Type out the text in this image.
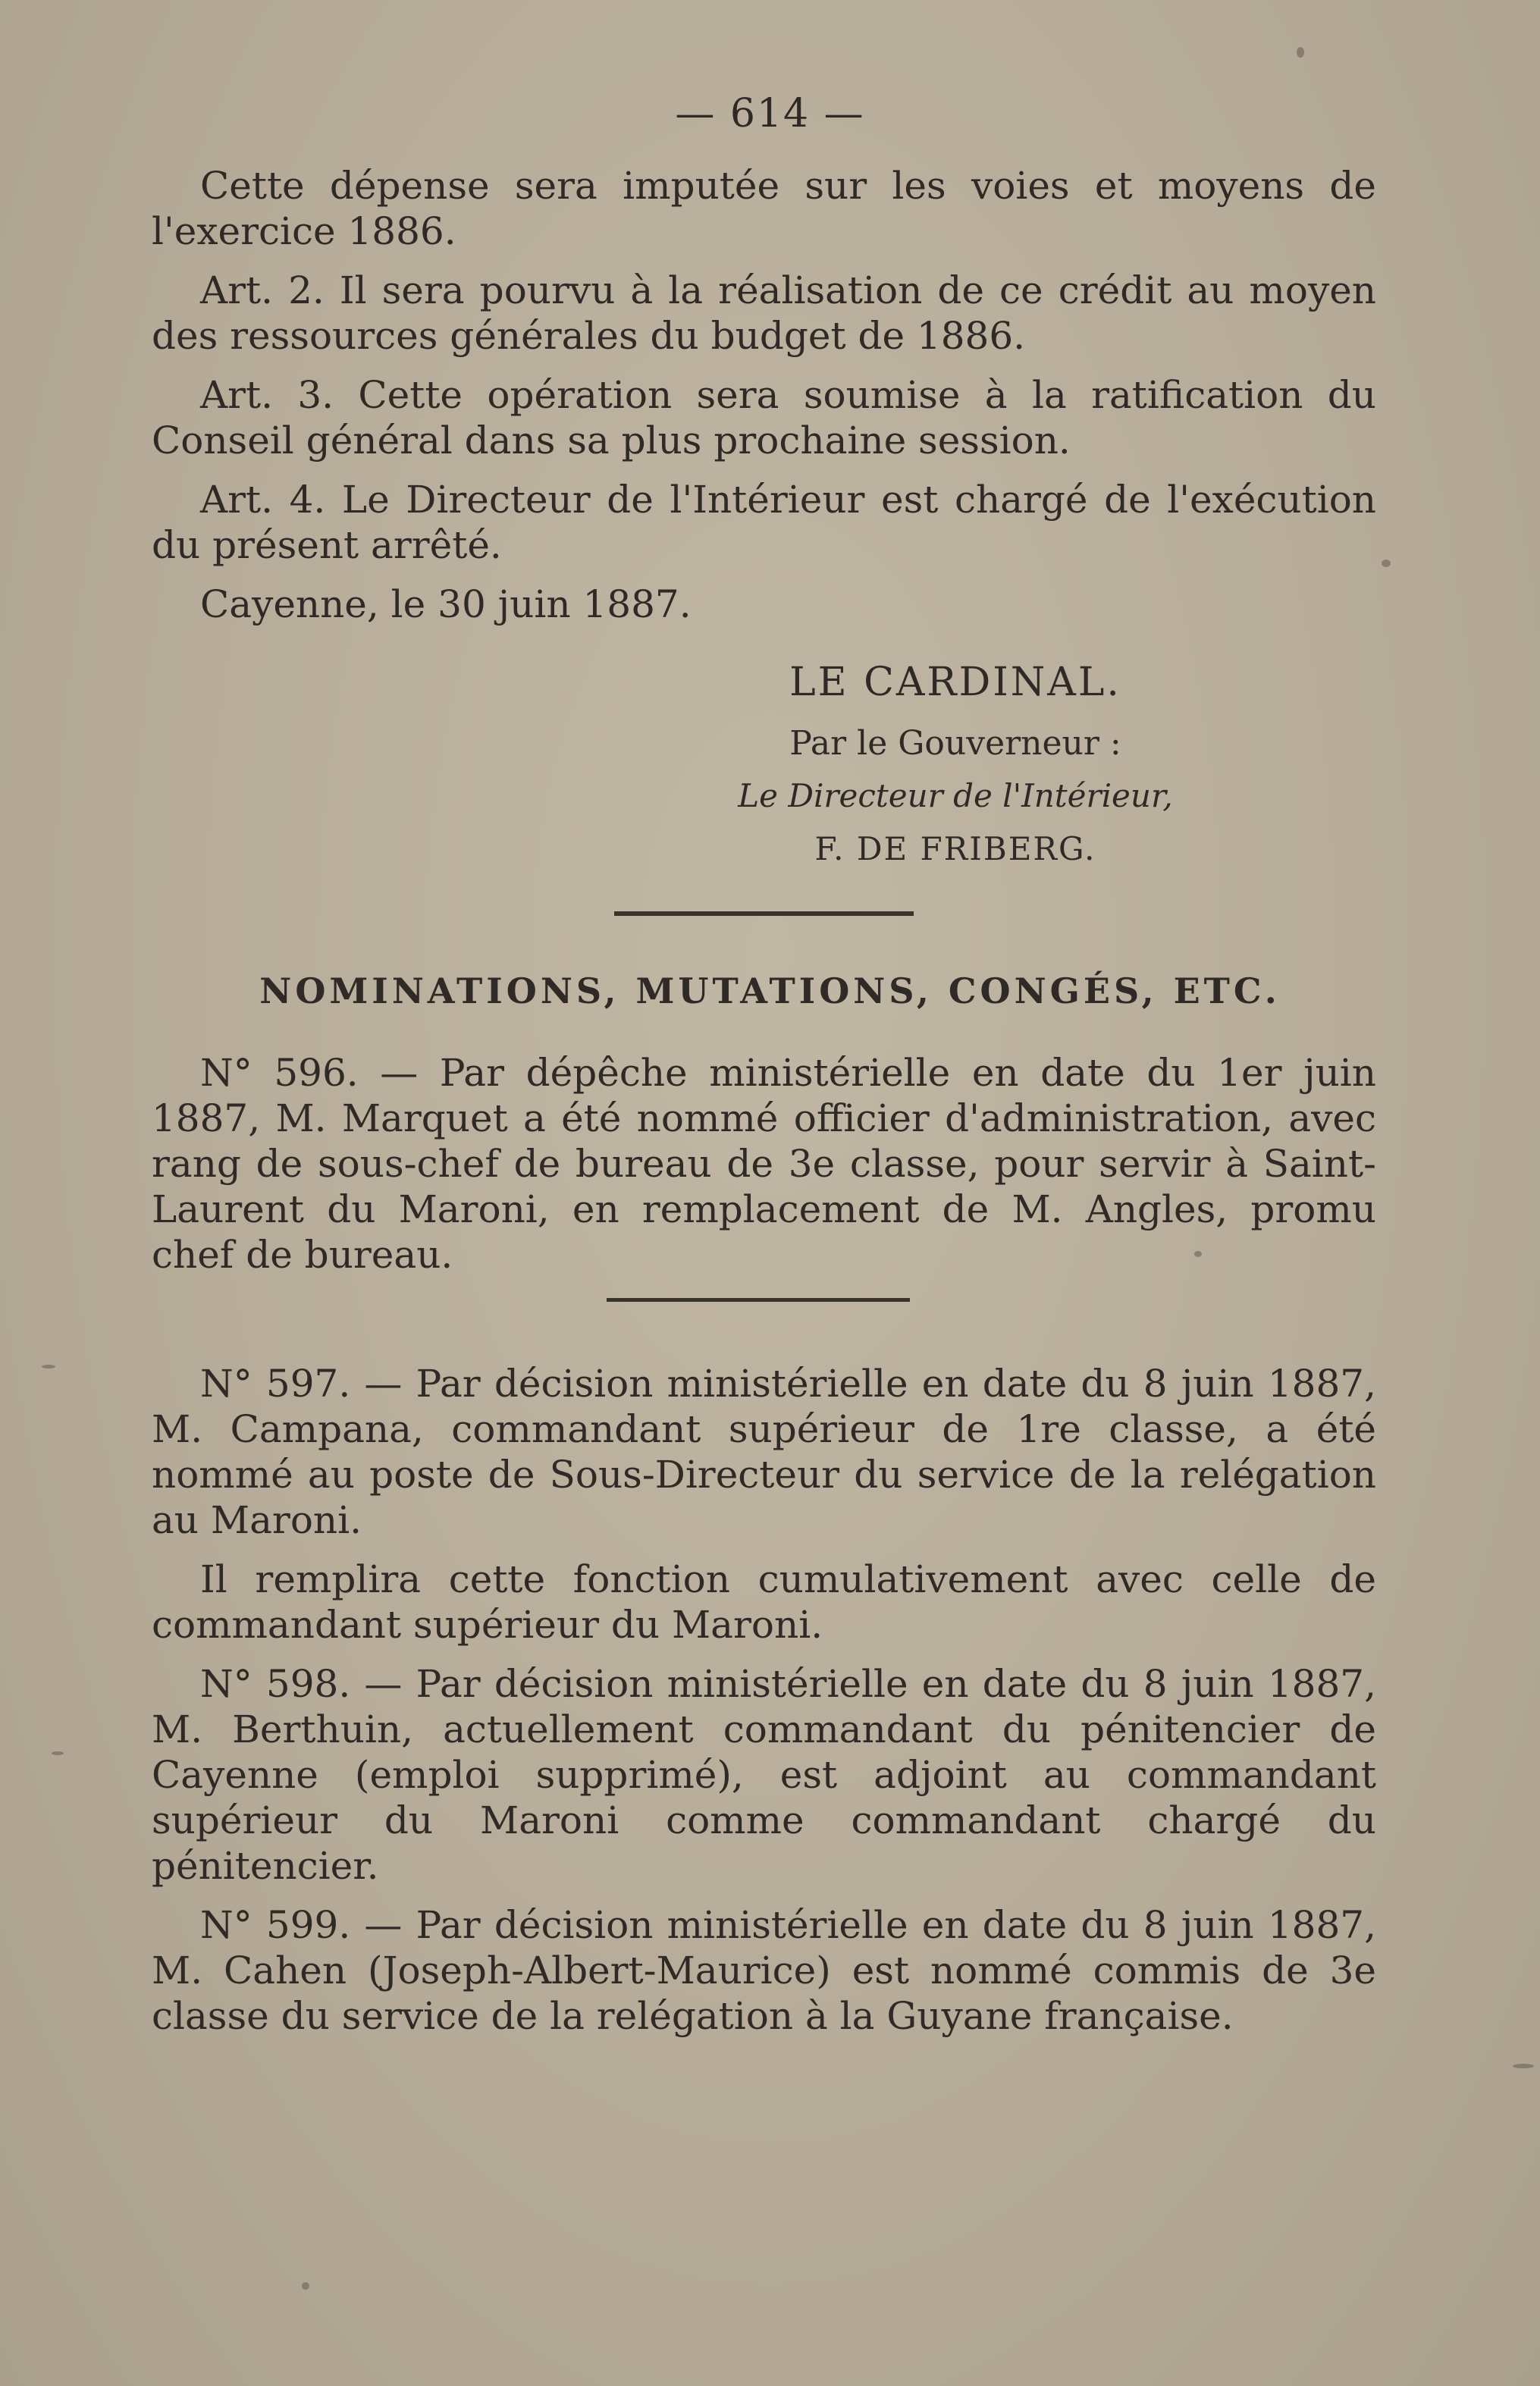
— 614 —

Cette dépense sera imputée sur les voies et moyens de l'exercice 1886.

Art. 2. Il sera pourvu à la réalisation de ce crédit au moyen des ressources générales du budget de 1886.

Art. 3. Cette opération sera soumise à la ratification du Conseil général dans sa plus prochaine session.

Art. 4. Le Directeur de l'Intérieur est chargé de l'exécution du présent arrêté.

Cayenne, le 30 juin 1887.

LE CARDINAL.
Par le Gouverneur :
Le Directeur de l'Intérieur,
F. DE FRIBERG.
NOMINATIONS, MUTATIONS, CONGÉS, ETC.

N° 596. — Par dépêche ministérielle en date du 1er juin 1887, M. Marquet a été nommé officier d'administration, avec rang de sous-chef de bureau de 3e classe, pour servir à Saint-Laurent du Maroni, en remplacement de M. Angles, promu chef de bureau.

N° 597. — Par décision ministérielle en date du 8 juin 1887, M. Campana, commandant supérieur de 1re classe, a été nommé au poste de Sous-Directeur du service de la relégation au Maroni.

Il remplira cette fonction cumulativement avec celle de commandant supérieur du Maroni.

N° 598. — Par décision ministérielle en date du 8 juin 1887, M. Berthuin, actuellement commandant du pénitencier de Cayenne (emploi supprimé), est adjoint au commandant supérieur du Maroni comme commandant chargé du pénitencier.

N° 599. — Par décision ministérielle en date du 8 juin 1887, M. Cahen (Joseph-Albert-Maurice) est nommé commis de 3e classe du service de la relégation à la Guyane française.
